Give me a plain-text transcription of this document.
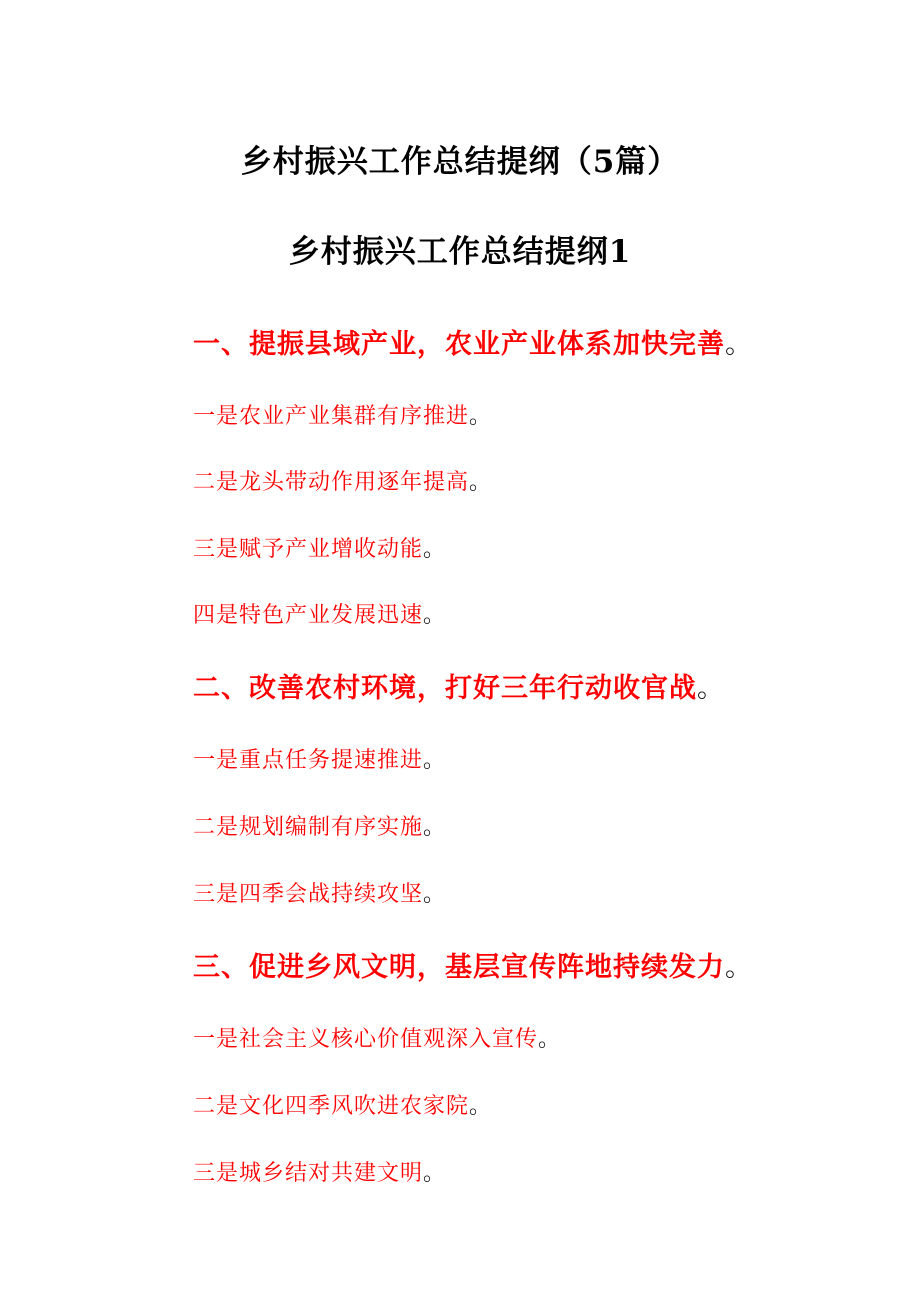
乡村振兴工作总结提纲（5篇）
乡村振兴工作总结提纲1
一、提振县域产业，农业产业体系加快完善。
一是农业产业集群有序推进。
二是龙头带动作用逐年提高。
三是赋予产业增收动能。
四是特色产业发展迅速。
二、改善农村环境，打好三年行动收官战。
一是重点任务提速推进。
二是规划编制有序实施。
三是四季会战持续攻坚。
三、促进乡风文明，基层宣传阵地持续发力。
一是社会主义核心价值观深入宣传。
二是文化四季风吹进农家院。
三是城乡结对共建文明。
